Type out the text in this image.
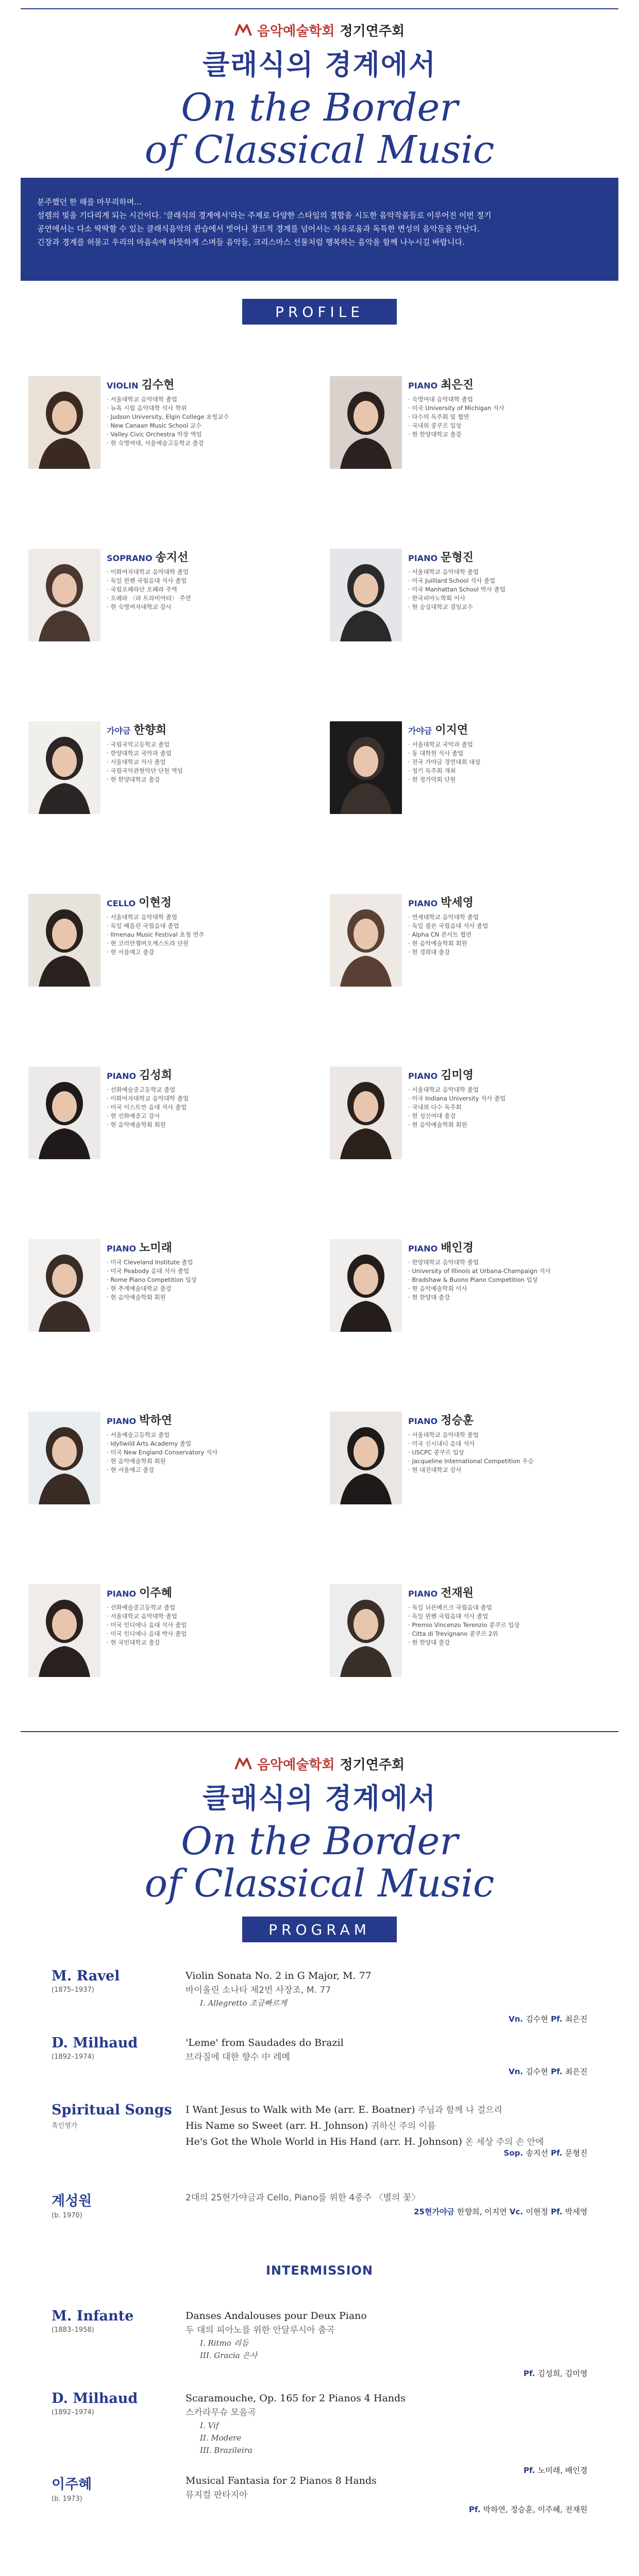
음악예술학회 정기연주회
클래식의 경계에서
On the Border
of Classical Music
분주했던 한 해를 마무리하며…
설렘의 빛을 기다리게 되는 시간이다. '클래식의 경계에서'라는 주제로 다양한 스타일의 결합을 시도한 음악작품들로 이루어진 이번 정기
공연에서는 다소 딱딱할 수 있는 클래식음악의 관습에서 벗어나 장르적 경계를 넘어서는 자유로움과 독특한 변성의 음악들을 만난다.
긴장과 경계를 허물고 우리의 마음속에 따뜻하게 스며들 음악들, 크리스마스 선물처럼 행복하는 음악을 함께 나누시길 바랍니다.
PROFILE
VIOLIN 김수현
· 서울대학교 음악대학 졸업
· 뉴욕 시립 음악대학 석사 학위
· Judson University, Elgin College 초빙교수
· New Canaan Music School 교수
· Valley Civic Orchestra 악장 역임
· 현 숙명여대, 서울예술고등학교 출강
PIANO 최은진
· 숙명여대 음악대학 졸업
· 미국 University of Michigan 석사
· 다수의 독주회 및 협연
· 국내외 콩쿠르 입상
· 현 한양대학교 출강
SOPRANO 송지선
· 이화여자대학교 음악대학 졸업
· 독일 뮌헨 국립음대 석사 졸업
· 국립오페라단 오페라 주역
· 오페라 〈라 트라비아타〉 주연
· 현 숙명여자대학교 강사
PIANO 문형진
· 서울대학교 음악대학 졸업
· 미국 Juilliard School 석사 졸업
· 미국 Manhattan School 박사 졸업
· 한국피아노학회 이사
· 현 숭실대학교 겸임교수
가야금 한향희
· 국립국악고등학교 졸업
· 한양대학교 국악과 졸업
· 서울대학교 석사 졸업
· 국립국악관현악단 단원 역임
· 현 한양대학교 출강
가야금 이지연
· 서울대학교 국악과 졸업
· 동 대학원 석사 졸업
· 전국 가야금 경연대회 대상
· 정기 독주회 개최
· 현 정가악회 단원
CELLO 이현정
· 서울대학교 음악대학 졸업
· 독일 베를린 국립음대 졸업
· Ilmenau Music Festival 초청 연주
· 현 코리안챔버오케스트라 단원
· 현 서울예고 출강
PIANO 박세영
· 연세대학교 음악대학 졸업
· 독일 쾰른 국립음대 석사 졸업
· Alpha CN 콘서트 협연
· 현 음악예술학회 회원
· 현 경희대 출강
PIANO 김성희
· 선화예술중고등학교 졸업
· 이화여자대학교 음악대학 졸업
· 미국 이스트만 음대 석사 졸업
· 현 선화예중고 강사
· 현 음악예술학회 회원
PIANO 김미영
· 서울대학교 음악대학 졸업
· 미국 Indiana University 석사 졸업
· 국내외 다수 독주회
· 현 성신여대 출강
· 현 음악예술학회 회원
PIANO 노미래
· 미국 Cleveland Institute 졸업
· 미국 Peabody 음대 석사 졸업
· Rome Piano Competition 입상
· 현 추계예술대학교 출강
· 현 음악예술학회 회원
PIANO 배인경
· 한양대학교 음악대학 졸업
· University of Illinois at Urbana-Champaign 석사
· Bradshaw & Buono Piano Competition 입상
· 현 음악예술학회 이사
· 현 한양대 출강
PIANO 박하연
· 서울예술고등학교 졸업
· Idyllwild Arts Academy 졸업
· 미국 New England Conservatory 석사
· 현 음악예술학회 회원
· 현 서울예고 출강
PIANO 정승훈
· 서울대학교 음악대학 졸업
· 미국 신시내티 음대 석사
· USCPC 콩쿠르 입상
· Jacqueline International Competition 우승
· 현 대진대학교 강사
PIANO 이주혜
· 선화예술중고등학교 졸업
· 서울대학교 음악대학 졸업
· 미국 인디애나 음대 석사 졸업
· 미국 인디애나 음대 박사 졸업
· 현 국민대학교 출강
PIANO 전재원
· 독일 뉘른베르크 국립음대 졸업
· 독일 뮌헨 국립음대 석사 졸업
· Premio Vincenzo Terenzio 콩쿠르 입상
· Citta di Trevignano 콩쿠르 2위
· 현 한양대 출강
음악예술학회 정기연주회
클래식의 경계에서
On the Border
of Classical Music
PROGRAM
M. Ravel
(1875–1937)
Violin Sonata No. 2 in G Major, M. 77
바이올린 소나타 제2번 사장조, M. 77
I. Allegretto 조금빠르게
Vn. 김수현 Pf. 최은진
D. Milhaud
(1892–1974)
'Leme' from Saudades do Brazil
브라질에 대한 향수 中 레메
Vn. 김수현 Pf. 최은진
Spiritual Songs
흑인영가
I Want Jesus to Walk with Me (arr. E. Boatner) 주님과 함께 나 걸으리
His Name so Sweet (arr. H. Johnson) 귀하신 주의 이름
He's Got the Whole World in His Hand (arr. H. Johnson) 온 세상 주의 손 안에
Sop. 송지선 Pf. 문형진
계성원
(b. 1970)
2대의 25현가야금과 Cello, Piano를 위한 4중주 〈별의 꽃〉
25현가야금 한향희, 이지연 Vc. 이현정 Pf. 박세영
M. Infante
(1883–1958)
Danses Andalouses pour Deux Piano
두 대의 피아노를 위한 안달루시아 춤곡
I. Ritmo 리듬
III. Gracia 은사
Pf. 김성희, 김미영
D. Milhaud
(1892–1974)
Scaramouche, Op. 165 for 2 Pianos 4 Hands
스카라무슈 모음곡
I. Vif
II. Modere
III. Brazileira
Pf. 노미래, 배인경
이주혜
(b. 1973)
Musical Fantasia for 2 Pianos 8 Hands
뮤지컬 판타지아
Pf. 박하연, 정승훈, 이주혜, 전재원
INTERMISSION
